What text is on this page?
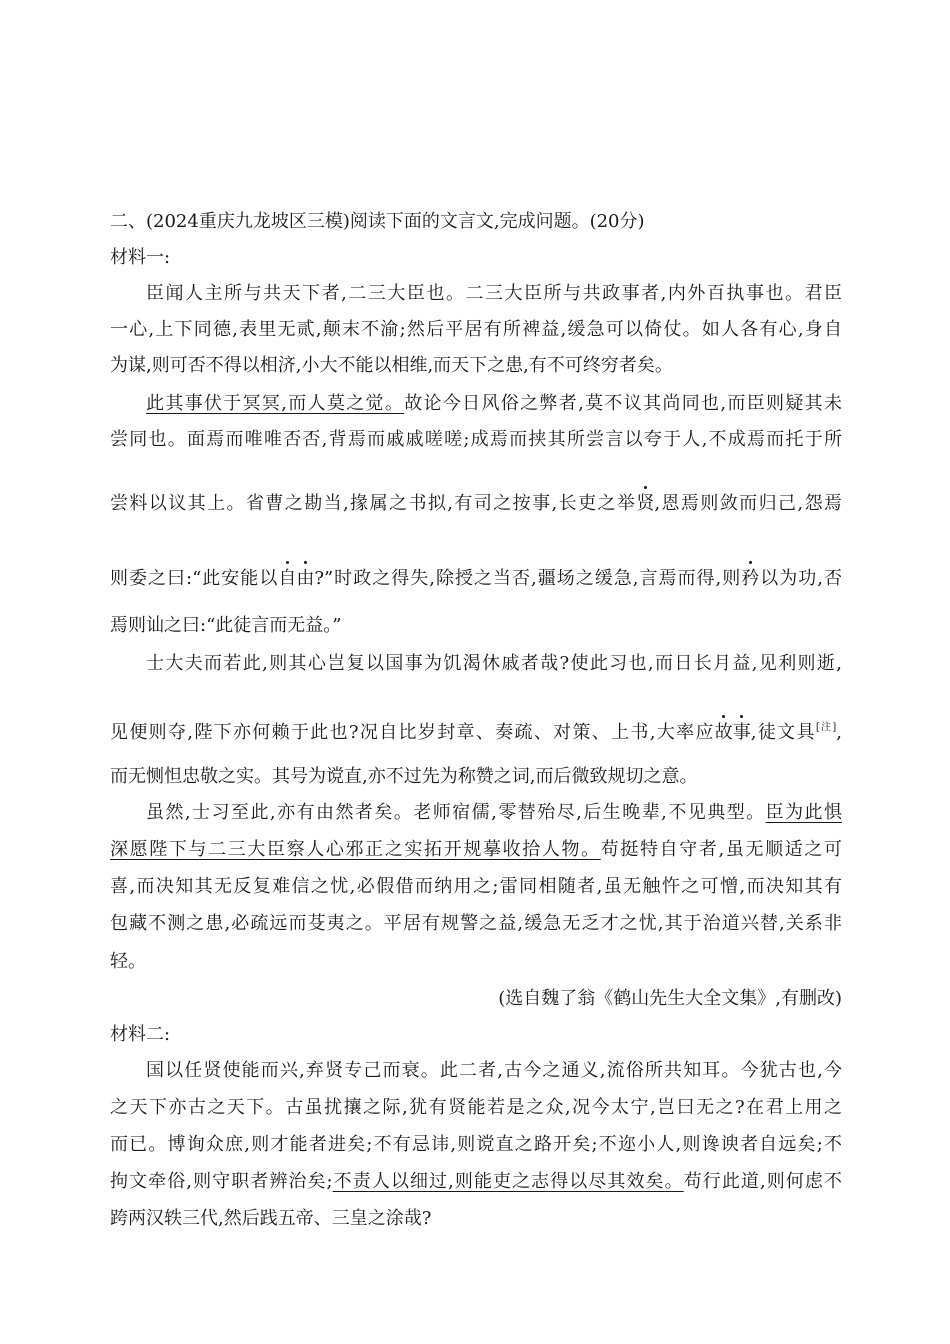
二、(2024重庆九龙坡区三模)阅读下面的文言文,完成问题。(20分)
材料一:
臣闻人主所与共天下者,二三大臣也。二三大臣所与共政事者,内外百执事也。君臣
一心,上下同德,表里无贰,颠末不渝;然后平居有所裨益,缓急可以倚仗。如人各有心,身自
为谋,则可否不得以相济,小大不能以相维,而天下之患,有不可终穷者矣。
此其事伏于冥冥,而人莫之觉。故论今日风俗之弊者,莫不议其尚同也,而臣则疑其未
尝同也。面焉而唯唯否否,背焉而戚戚嗟嗟;成焉而挟其所尝言以夸于人,不成焉而托于所
尝料以议其上。省曹之勘当,掾属之书拟,有司之按事,长吏之举贤,恩焉则敛而归己,怨焉
则委之曰:“此安能以自由?”时政之得失,除授之当否,疆场之缓急,言焉而得,则矜以为功,否
焉则讪之曰:“此徒言而无益。”
士大夫而若此,则其心岂复以国事为饥渴休戚者哉?使此习也,而日长月益,见利则逝,
见便则夺,陛下亦何赖于此也?况自比岁封章、奏疏、对策、上书,大率应故事,徒文具[注],
而无恻怛忠敬之实。其号为谠直,亦不过先为称赞之词,而后微致规切之意。
虽然,士习至此,亦有由然者矣。老师宿儒,零替殆尽,后生晚辈,不见典型。臣为此惧
深愿陛下与二三大臣察人心邪正之实拓开规摹收拾人物。苟挺特自守者,虽无顺适之可
喜,而决知其无反复难信之忧,必假借而纳用之;雷同相随者,虽无触忤之可憎,而决知其有
包藏不测之患,必疏远而芟夷之。平居有规警之益,缓急无乏才之忧,其于治道兴替,关系非
轻。
(选自魏了翁《鹤山先生大全文集》,有删改)
材料二:
国以任贤使能而兴,弃贤专己而衰。此二者,古今之通义,流俗所共知耳。今犹古也,今
之天下亦古之天下。古虽扰攘之际,犹有贤能若是之众,况今太宁,岂曰无之?在君上用之
而已。博询众庶,则才能者进矣;不有忌讳,则谠直之路开矣;不迩小人,则谗谀者自远矣;不
拘文牵俗,则守职者辨治矣;不责人以细过,则能吏之志得以尽其效矣。苟行此道,则何虑不
跨两汉轶三代,然后践五帝、三皇之涂哉?
